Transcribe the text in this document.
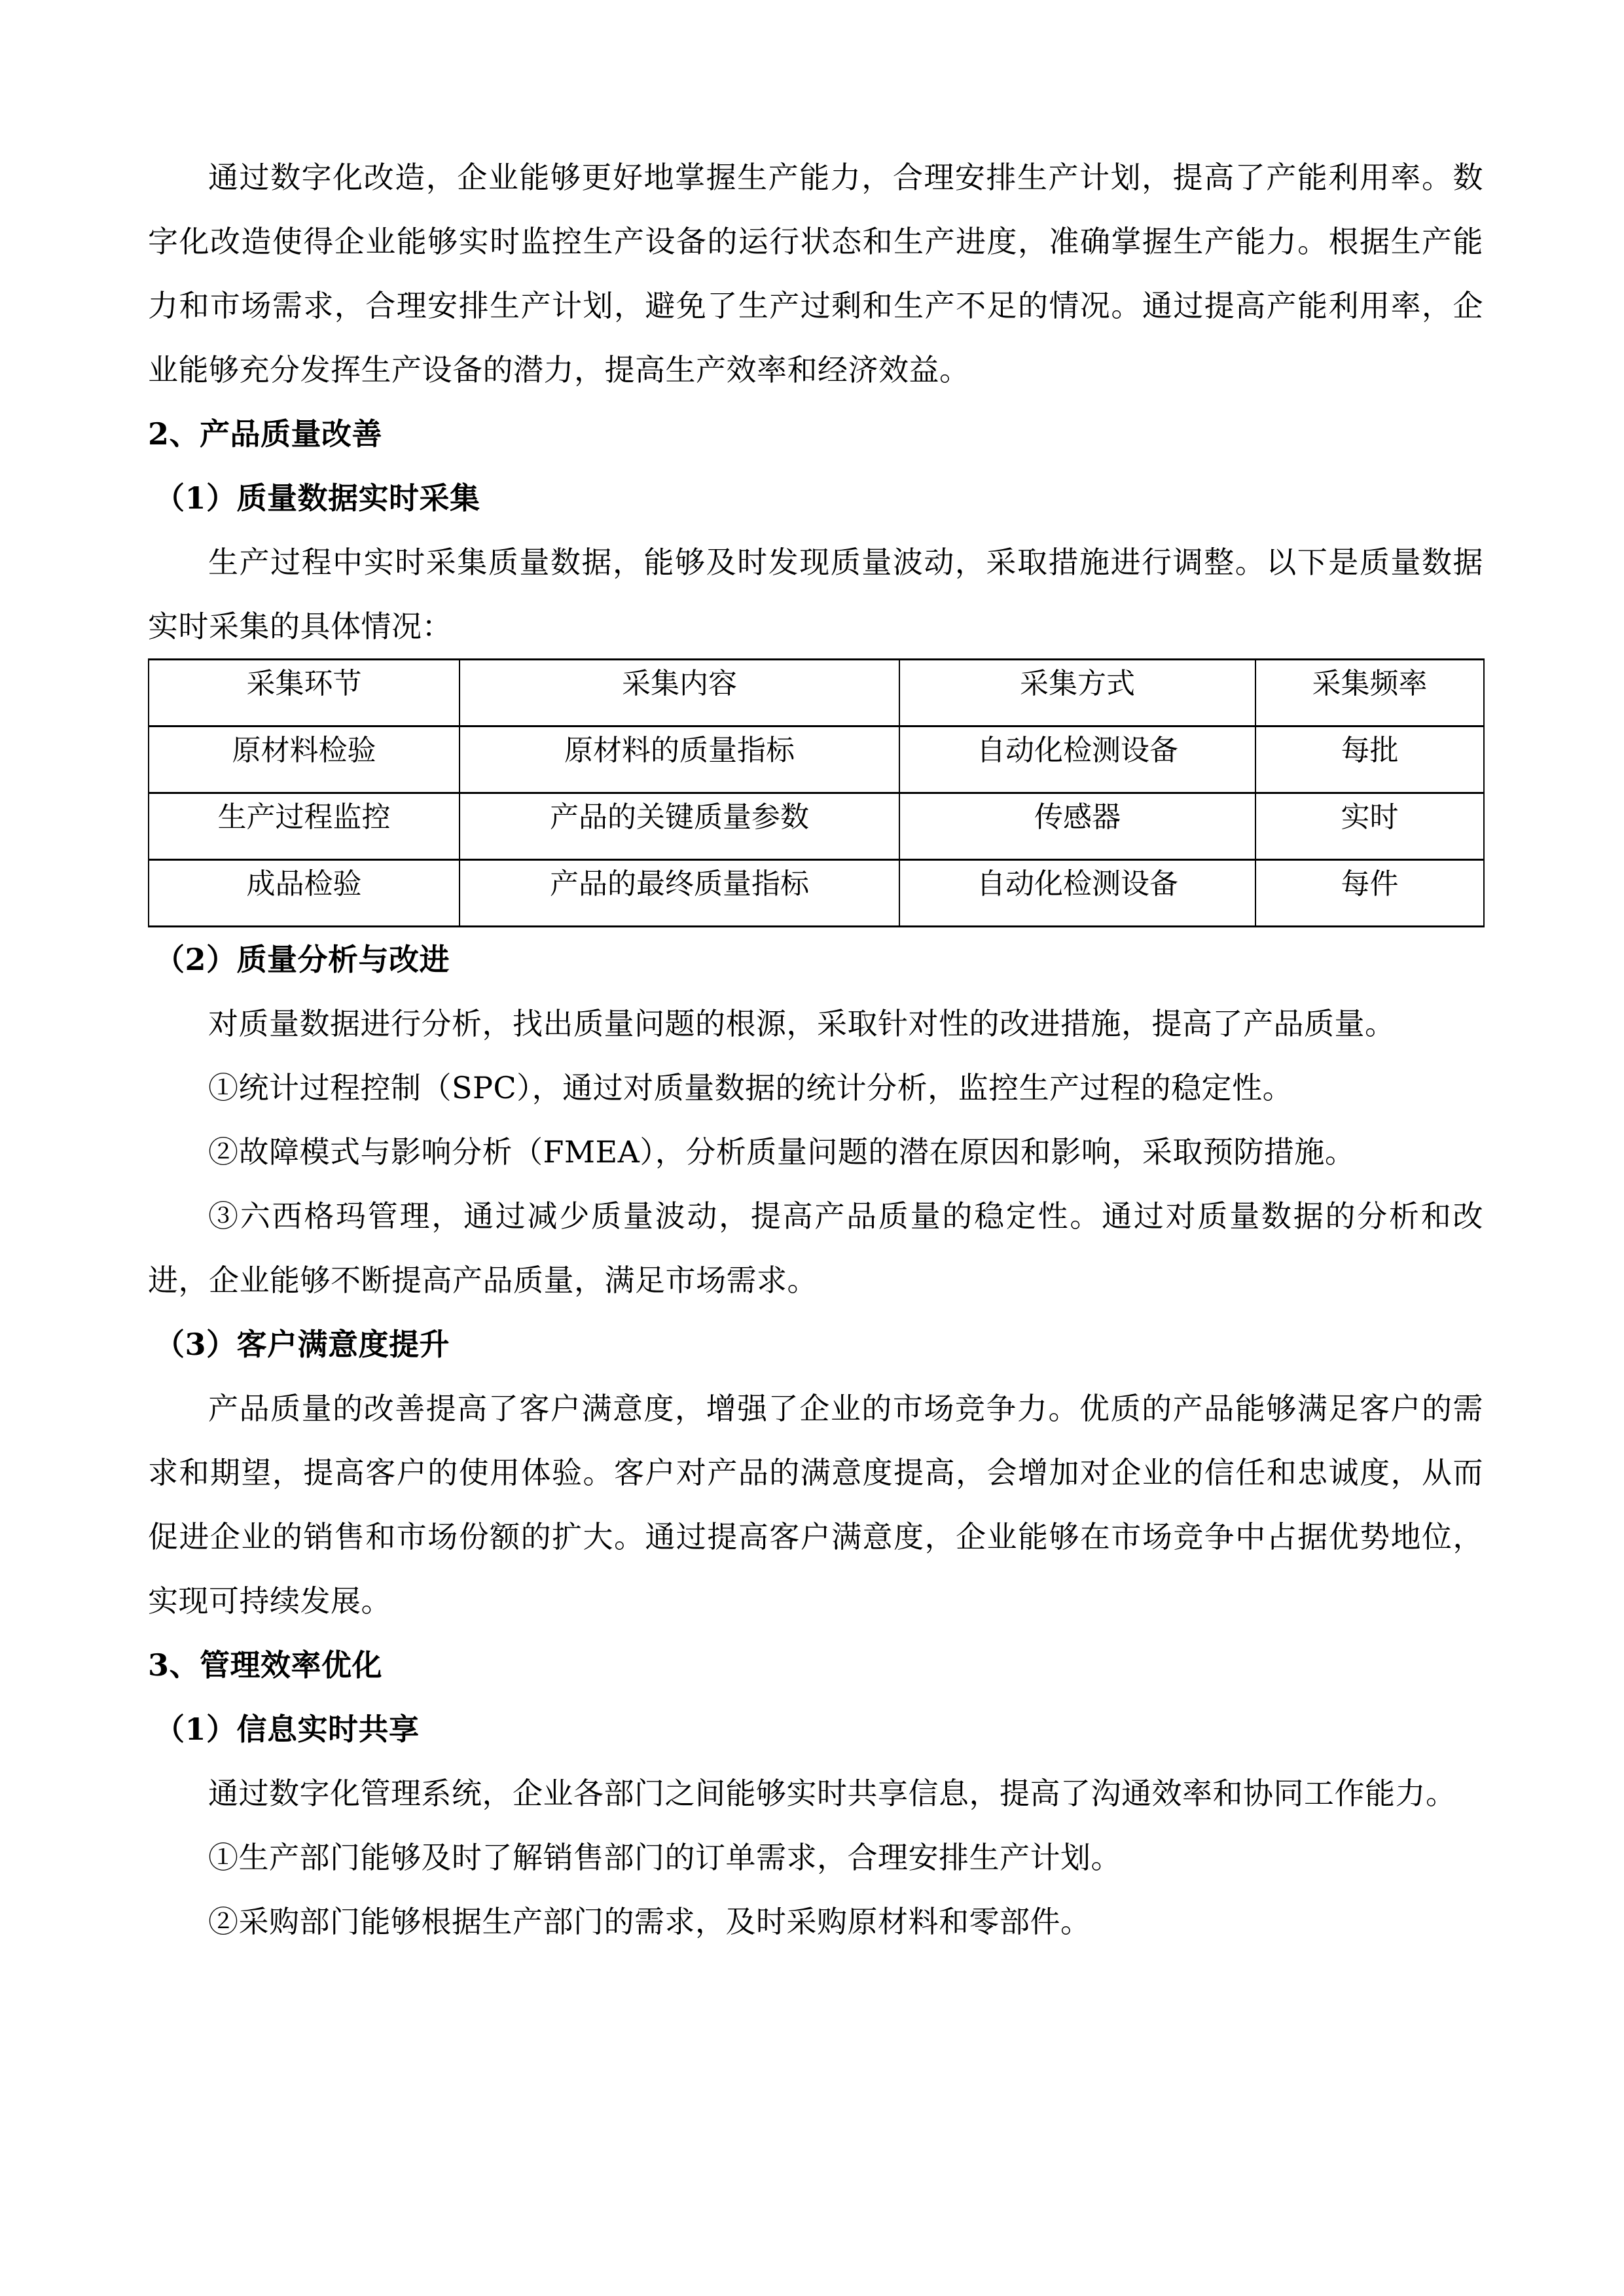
通过数字化改造，企业能够更好地掌握生产能力，合理安排生产计划，提高了产能利用率。数字化改造使得企业能够实时监控生产设备的运行状态和生产进度，准确掌握生产能力。根据生产能力和市场需求，合理安排生产计划，避免了生产过剩和生产不足的情况。通过提高产能利用率，企业能够充分发挥生产设备的潜力，提高生产效率和经济效益。

2、产品质量改善

（1）质量数据实时采集

生产过程中实时采集质量数据，能够及时发现质量波动，采取措施进行调整。以下是质量数据实时采集的具体情况：

采集环节	采集内容	采集方式	采集频率
原材料检验	原材料的质量指标	自动化检测设备	每批
生产过程监控	产品的关键质量参数	传感器	实时
成品检验	产品的最终质量指标	自动化检测设备	每件

（2）质量分析与改进

对质量数据进行分析，找出质量问题的根源，采取针对性的改进措施，提高了产品质量。

①统计过程控制（SPC），通过对质量数据的统计分析，监控生产过程的稳定性。

②故障模式与影响分析（FMEA），分析质量问题的潜在原因和影响，采取预防措施。

③六西格玛管理，通过减少质量波动，提高产品质量的稳定性。通过对质量数据的分析和改进，企业能够不断提高产品质量，满足市场需求。

（3）客户满意度提升

产品质量的改善提高了客户满意度，增强了企业的市场竞争力。优质的产品能够满足客户的需求和期望，提高客户的使用体验。客户对产品的满意度提高，会增加对企业的信任和忠诚度，从而促进企业的销售和市场份额的扩大。通过提高客户满意度，企业能够在市场竞争中占据优势地位，实现可持续发展。

3、管理效率优化

（1）信息实时共享

通过数字化管理系统，企业各部门之间能够实时共享信息，提高了沟通效率和协同工作能力。

①生产部门能够及时了解销售部门的订单需求，合理安排生产计划。

②采购部门能够根据生产部门的需求，及时采购原材料和零部件。
